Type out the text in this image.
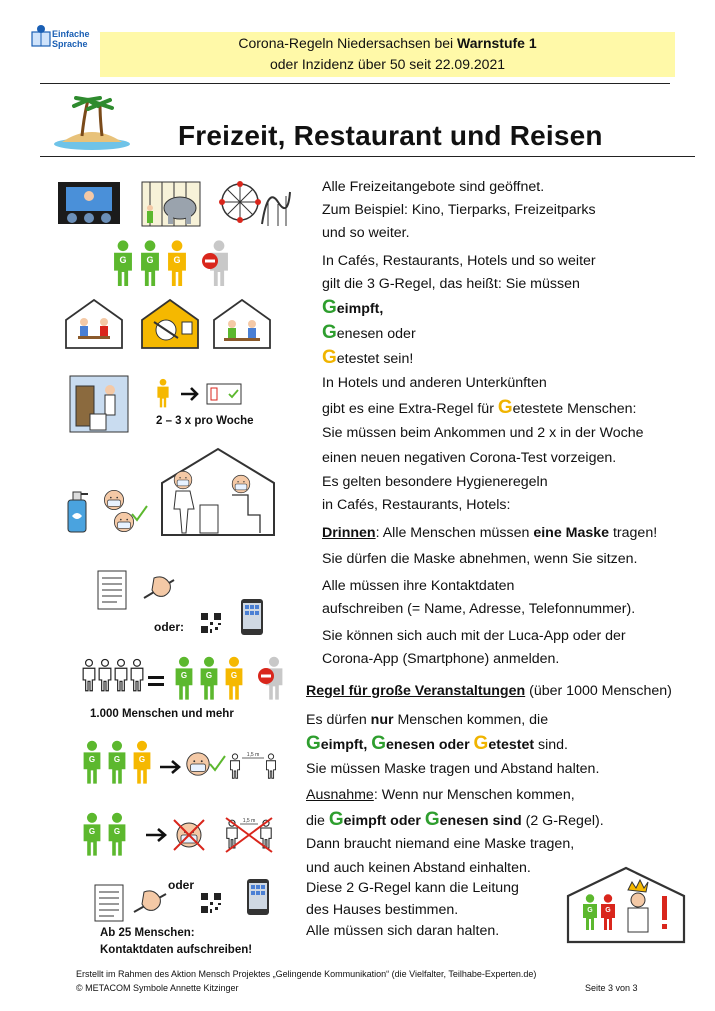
Einfache
Sprache	Corona-Regeln Niedersachsen bei Warnstufe 1
oder Inzidenz über 50 seit 22.09.2021
Freizeit, Restaurant und Reisen
G G G
2 – 3 x pro Woche
oder:
G G G
1.000 Menschen und mehr
G G G	1,5 m
G G
1,5 m
oder
Ab 25 Menschen:
Kontaktdaten aufschreiben!
Alle Freizeitangebote sind geöffnet.
Zum Beispiel: Kino, Tierparks, Freizeitparks
und so weiter.
In Cafés, Restaurants, Hotels und so weiter
gilt die 3 G-Regel, das heißt: Sie müssen
Geimpft,
Genesen oder
Getestet sein!
In Hotels und anderen Unterkünften
gibt es eine Extra-Regel für Getestete Menschen:
Sie müssen beim Ankommen und 2 x in der Woche
einen neuen negativen Corona-Test vorzeigen.
Es gelten besondere Hygieneregeln
in Cafés, Restaurants, Hotels:
Drinnen: Alle Menschen müssen eine Maske tragen!
Sie dürfen die Maske abnehmen, wenn Sie sitzen.
Alle müssen ihre Kontaktdaten
aufschreiben (= Name, Adresse, Telefonnummer).
Sie können sich auch mit der Luca-App oder der
Corona-App (Smartphone) anmelden.
Regel für große Veranstaltungen (über 1000 Menschen)
Es dürfen nur Menschen kommen, die
Geimpft, Genesen oder Getestet sind.
Sie müssen Maske tragen und Abstand halten.
Ausnahme: Wenn nur Menschen kommen,
die Geimpft oder Genesen sind (2 G-Regel).
Dann braucht niemand eine Maske tragen,
und auch keinen Abstand einhalten.
Diese 2 G-Regel kann die Leitung
des Hauses bestimmen.
Alle müssen sich daran halten.
G G
Erstellt im Rahmen des Aktion Mensch Projektes „Gelingende Kommunikation“ (die Vielfalter, Teilhabe-Experten.de)
© METACOM Symbole Annette Kitzinger	Seite 3 von 3
